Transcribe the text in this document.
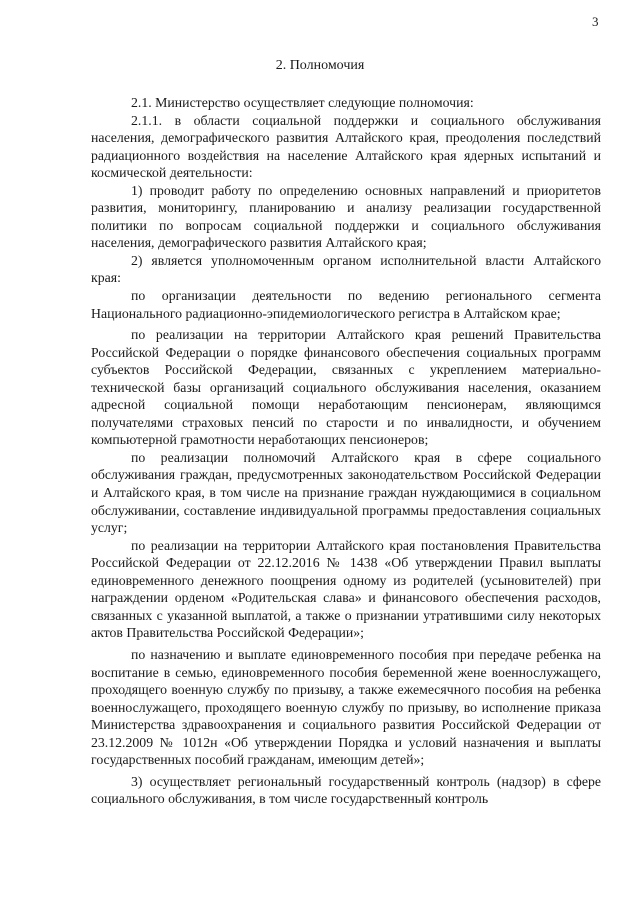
3
2. Полномочия

2.1. Министерство осуществляет следующие полномочия:

2.1.1. в области социальной поддержки и социального обслуживания населения, демографического развития Алтайского края, преодоления последствий радиационного воздействия на население Алтайского края ядерных испытаний и космической деятельности:

1) проводит работу по определению основных направлений и приоритетов развития, мониторингу, планированию и анализу реализации государственной политики по вопросам социальной поддержки и социального обслуживания населения, демографического развития Алтайского края;

2) является уполномоченным органом исполнительной власти Алтайского края:

по организации деятельности по ведению регионального сегмента Национального радиационно-эпидемиологического регистра в Алтайском крае;

по реализации на территории Алтайского края решений Правительства Российской Федерации о порядке финансового обеспечения социальных программ субъектов Российской Федерации, связанных с укреплением материально-технической базы организаций социального обслуживания населения, оказанием адресной социальной помощи неработающим пенсионерам, являющимся получателями страховых пенсий по старости и по инвалидности, и обучением компьютерной грамотности неработающих пенсионеров;

по реализации полномочий Алтайского края в сфере социального обслуживания граждан, предусмотренных законодательством Российской Федерации и Алтайского края, в том числе на признание граждан нуждающимися в социальном обслуживании, составление индивидуальной программы предоставления социальных услуг;

по реализации на территории Алтайского края постановления Правительства Российской Федерации от 22.12.2016 № 1438 «Об утверждении Правил выплаты единовременного денежного поощрения одному из родителей (усыновителей) при награждении орденом «Родительская слава» и финансового обеспечения расходов, связанных с указанной выплатой, а также о признании утратившими силу некоторых актов Правительства Российской Федерации»;

по назначению и выплате единовременного пособия при передаче ребенка на воспитание в семью, единовременного пособия беременной жене военнослужащего, проходящего военную службу по призыву, а также ежемесячного пособия на ребенка военнослужащего, проходящего военную службу по призыву, во исполнение приказа Министерства здравоохранения и социального развития Российской Федерации от 23.12.2009 № 1012н «Об утверждении Порядка и условий назначения и выплаты государственных пособий гражданам, имеющим детей»;

3) осуществляет региональный государственный контроль (надзор) в сфере социального обслуживания, в том числе государственный контроль
